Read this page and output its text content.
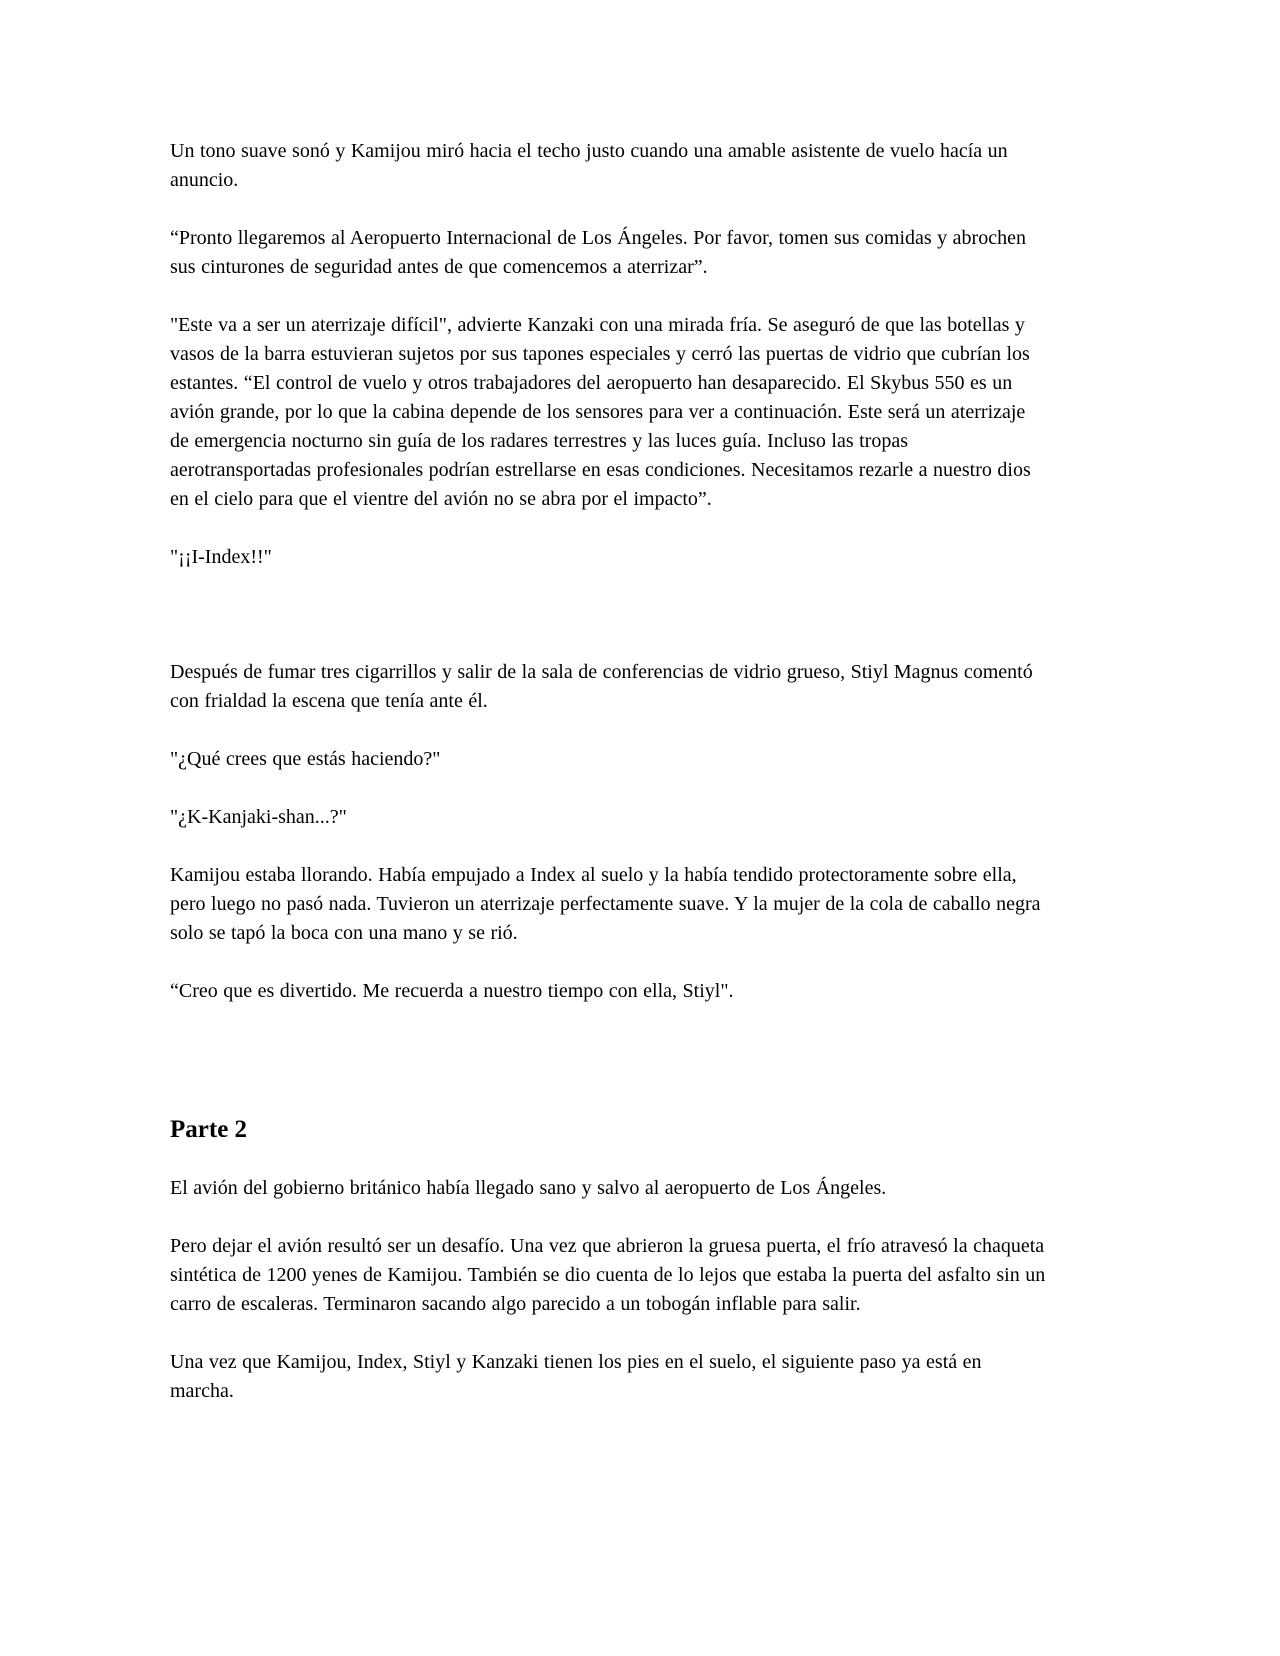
Un tono suave sonó y Kamijou miró hacia el techo justo cuando una amable asistente de vuelo hacía un anuncio.

“Pronto llegaremos al Aeropuerto Internacional de Los Ángeles. Por favor, tomen sus comidas y abrochen sus cinturones de seguridad antes de que comencemos a aterrizar”.

"Este va a ser un aterrizaje difícil", advierte Kanzaki con una mirada fría. Se aseguró de que las botellas y vasos de la barra estuvieran sujetos por sus tapones especiales y cerró las puertas de vidrio que cubrían los estantes. “El control de vuelo y otros trabajadores del aeropuerto han desaparecido. El Skybus 550 es un avión grande, por lo que la cabina depende de los sensores para ver a continuación. Este será un aterrizaje de emergencia nocturno sin guía de los radares terrestres y las luces guía. Incluso las tropas aerotransportadas profesionales podrían estrellarse en esas condiciones. Necesitamos rezarle a nuestro dios en el cielo para que el vientre del avión no se abra por el impacto”.

"¡¡I-Index!!"

Después de fumar tres cigarrillos y salir de la sala de conferencias de vidrio grueso, Stiyl Magnus comentó con frialdad la escena que tenía ante él.

"¿Qué crees que estás haciendo?"

"¿K-Kanjaki-shan...?"

Kamijou estaba llorando. Había empujado a Index al suelo y la había tendido protectoramente sobre ella, pero luego no pasó nada. Tuvieron un aterrizaje perfectamente suave. Y la mujer de la cola de caballo negra solo se tapó la boca con una mano y se rió.

“Creo que es divertido. Me recuerda a nuestro tiempo con ella, Stiyl".

Parte 2

El avión del gobierno británico había llegado sano y salvo al aeropuerto de Los Ángeles.

Pero dejar el avión resultó ser un desafío. Una vez que abrieron la gruesa puerta, el frío atravesó la chaqueta sintética de 1200 yenes de Kamijou. También se dio cuenta de lo lejos que estaba la puerta del asfalto sin un carro de escaleras. Terminaron sacando algo parecido a un tobogán inflable para salir.

Una vez que Kamijou, Index, Stiyl y Kanzaki tienen los pies en el suelo, el siguiente paso ya está en marcha.
